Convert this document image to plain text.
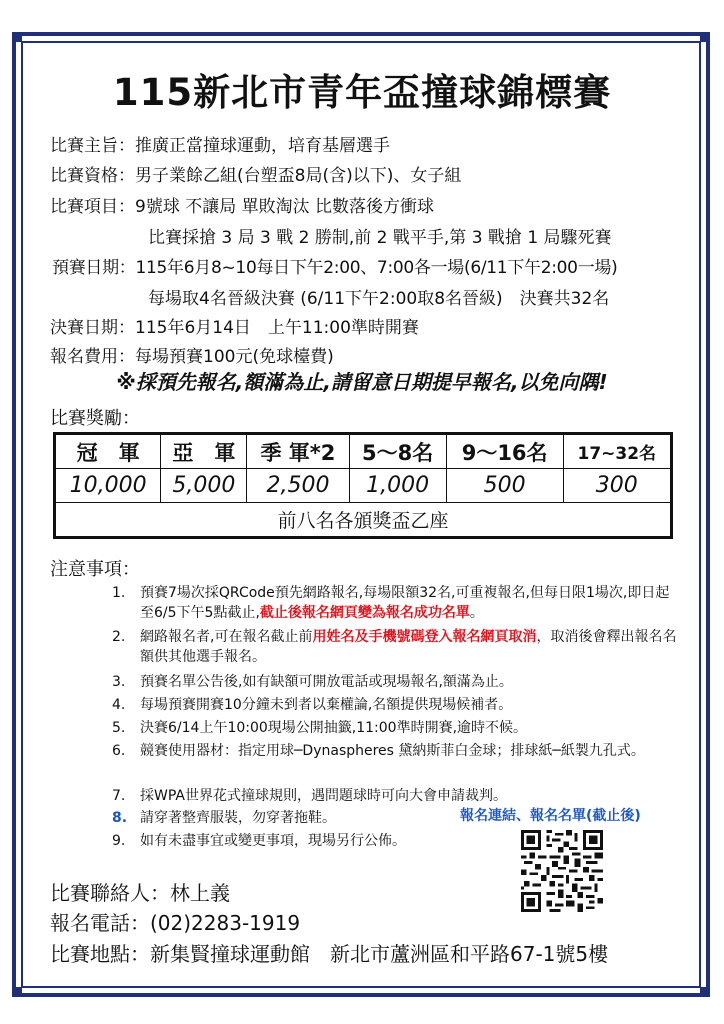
115新北市青年盃撞球錦標賽
比賽主旨：推廣正當撞球運動，培育基層選手
比賽資格：男子業餘乙組(台塑盃8局(含)以下)、女子組
比賽項目：9號球 不讓局 單敗淘汰 比數落後方衝球
比賽採搶 3 局 3 戰 2 勝制,前 2 戰平手,第 3 戰搶 1 局驟死賽
預賽日期：115年6月8~10每日下午2:00、7:00各一場(6/11下午2:00一場)
每場取4名晉級決賽 (6/11下午2:00取8名晉級)　決賽共32名
決賽日期：115年6月14日　上午11:00準時開賽
報名費用：每場預賽100元(免球檯費)
※採預先報名,額滿為止,請留意日期提早報名,以免向隅!
比賽獎勵：
冠　軍	亞　軍	季 軍*2	5～8名	9～16名	17~32名
10,000	5,000	2,500	1,000	500	300
前八名各頒獎盃乙座					
注意事項：
1.	預賽7場次採QRCode預先網路報名,每場限額32名,可重複報名,但每日限1場次,即日起至6/5下午5點截止,截止後報名網頁變為報名成功名單。
2.	網路報名者,可在報名截止前用姓名及手機號碼登入報名網頁取消，取消後會釋出報名名額供其他選手報名。
3.	預賽名單公告後,如有缺額可開放電話或現場報名,額滿為止。
4.	每場預賽開賽10分鐘未到者以棄權論,名額提供現場候補者。
5.	決賽6/14上午10:00現場公開抽籤,11:00準時開賽,逾時不候。
6.	競賽使用器材：指定用球─Dynaspheres 黛納斯菲白金球；排球紙─紙製九孔式。
7.	採WPA世界花式撞球規則，遇問題球時可向大會申請裁判。
8. 請穿著整齊服裝，勿穿著拖鞋。
9.	如有未盡事宜或變更事項，現場另行公佈。
報名連結、報名名單(截止後)
比賽聯絡人：林上義
報名電話：(02)2283-1919
比賽地點：新集賢撞球運動館　新北市蘆洲區和平路67-1號5樓
